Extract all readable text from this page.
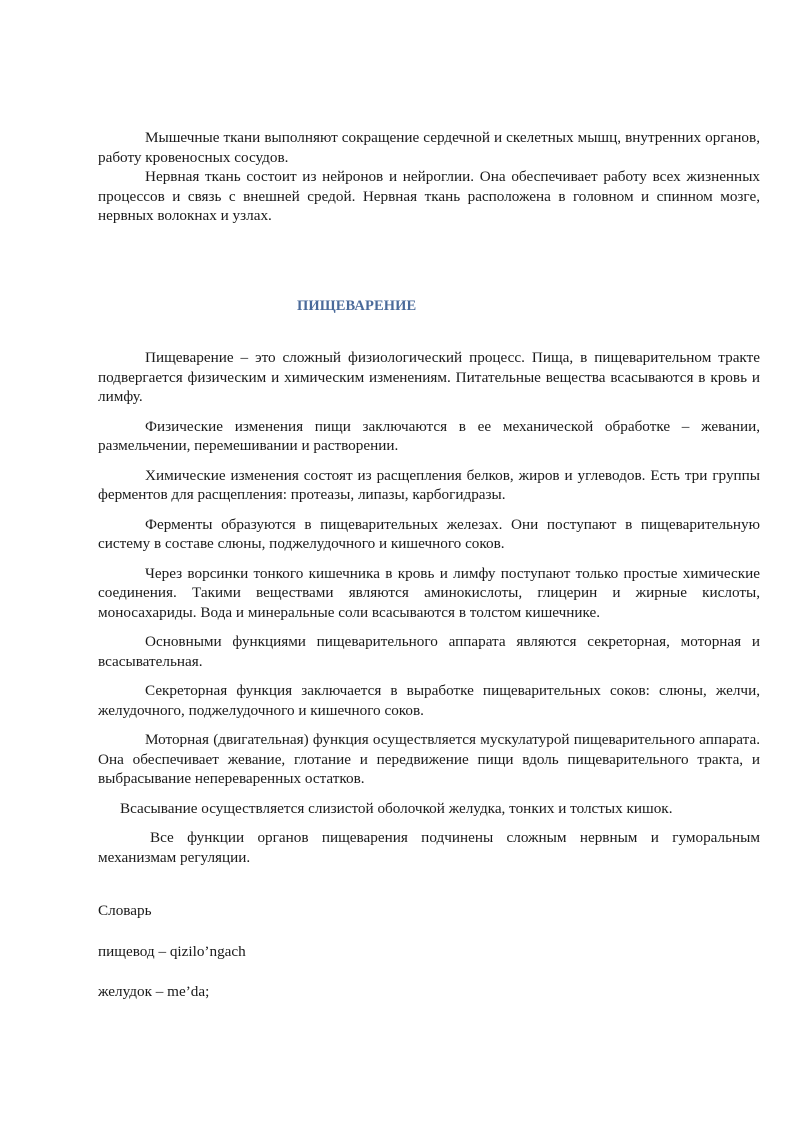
Мышечные ткани выполняют сокращение сердечной и скелетных мышц, внутренних органов, работу кровеносных сосудов.

Нервная ткань состоит из нейронов и нейроглии. Она обеспечивает работу всех жизненных процессов и связь с внешней средой. Нервная ткань расположена в головном и спинном мозге, нервных волокнах и узлах.

ПИЩЕВАРЕНИЕ

Пищеварение – это сложный физиологический процесс. Пища, в пищеварительном тракте подвергается физическим и химическим изменениям. Питательные вещества всасываются в кровь и лимфу.

Физические изменения пищи заключаются в ее механической обработке – жевании, размельчении, перемешивании и растворении.

Химические изменения состоят из расщепления белков, жиров и углеводов. Есть три группы ферментов для расщепления: протеазы, липазы, карбогидразы.

Ферменты образуются в пищеварительных железах. Они поступают в пищеварительную систему в составе слюны, поджелудочного и кишечного соков.

Через ворсинки тонкого кишечника в кровь и лимфу поступают только простые химические соединения. Такими веществами являются аминокислоты, глицерин и жирные кислоты, моносахариды. Вода и минеральные соли всасываются в толстом кишечнике.

Основными функциями пищеварительного аппарата являются секреторная, моторная и всасывательная.

Секреторная функция заключается в выработке пищеварительных соков: слюны, желчи, желудочного, поджелудочного и кишечного соков.

Моторная (двигательная) функция осуществляется мускулатурой пищеварительного аппарата. Она обеспечивает жевание, глотание и передвижение пищи вдоль пищеварительного тракта, и выбрасывание непереваренных остатков.

Всасывание осуществляется слизистой оболочкой желудка, тонких и толстых кишок.

Все функции органов пищеварения подчинены сложным нервным и гуморальным механизмам регуляции.

Словарь
пищевод – qizilo’ngach
желудок – me’da;
